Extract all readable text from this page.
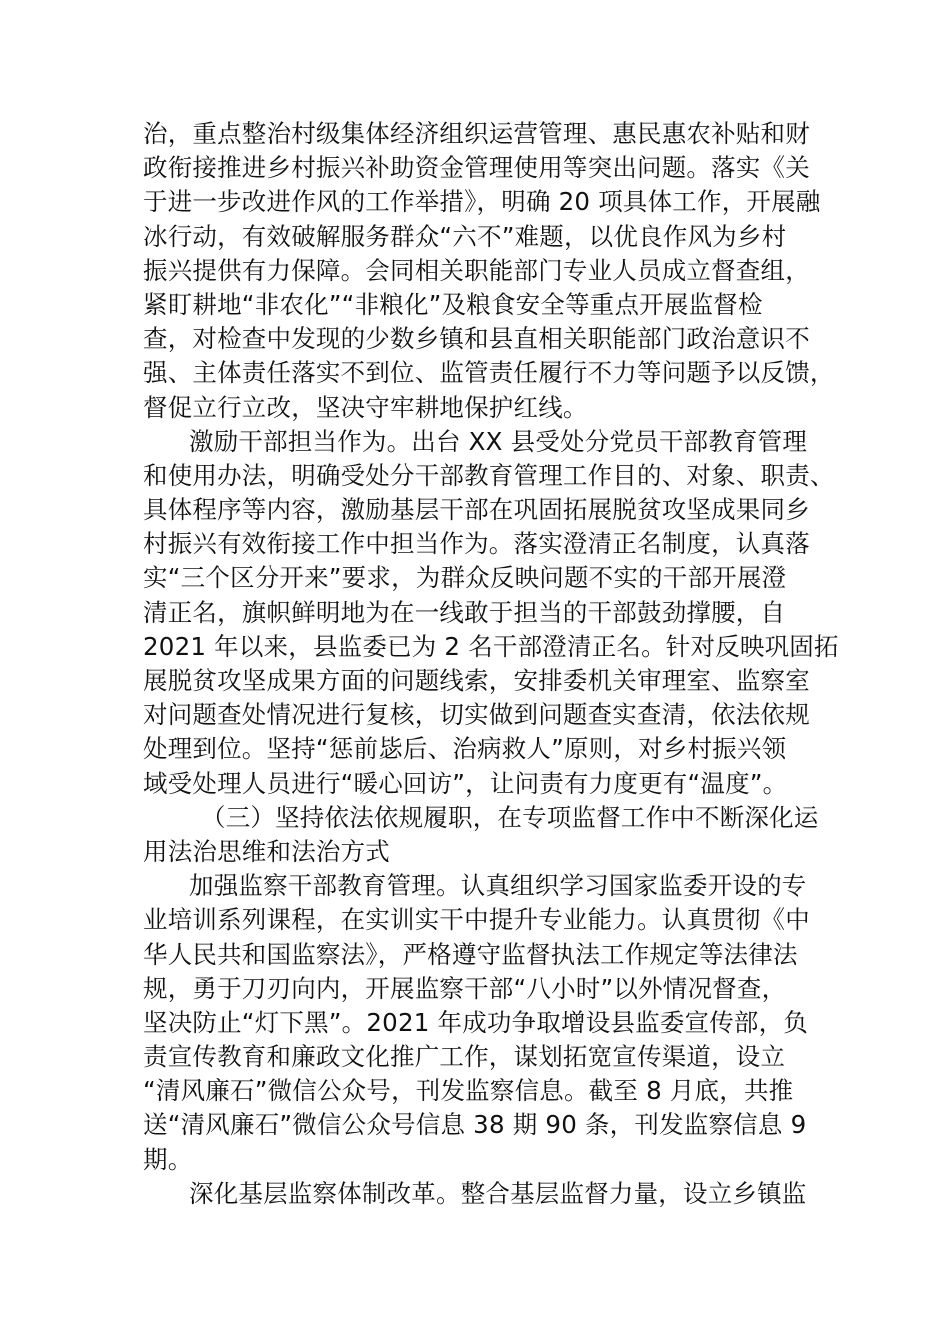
治，重点整治村级集体经济组织运营管理、惠民惠农补贴和财
政衔接推进乡村振兴补助资金管理使用等突出问题。落实《关
于进一步改进作风的工作举措》，明确 20 项具体工作，开展融
冰行动，有效破解服务群众“六不”难题，以优良作风为乡村
振兴提供有力保障。会同相关职能部门专业人员成立督查组，
紧盯耕地“非农化”“非粮化”及粮食安全等重点开展监督检
查，对检查中发现的少数乡镇和县直相关职能部门政治意识不
强、主体责任落实不到位、监管责任履行不力等问题予以反馈，
督促立行立改，坚决守牢耕地保护红线。
激励干部担当作为。出台 XX 县受处分党员干部教育管理
和使用办法，明确受处分干部教育管理工作目的、对象、职责、
具体程序等内容，激励基层干部在巩固拓展脱贫攻坚成果同乡
村振兴有效衔接工作中担当作为。落实澄清正名制度，认真落
实“三个区分开来”要求，为群众反映问题不实的干部开展澄
清正名，旗帜鲜明地为在一线敢于担当的干部鼓劲撑腰，自
2021 年以来，县监委已为 2 名干部澄清正名。针对反映巩固拓
展脱贫攻坚成果方面的问题线索，安排委机关审理室、监察室
对问题查处情况进行复核，切实做到问题查实查清，依法依规
处理到位。坚持“惩前毖后、治病救人”原则，对乡村振兴领
域受处理人员进行“暖心回访”，让问责有力度更有“温度”。
（三）坚持依法依规履职，在专项监督工作中不断深化运
用法治思维和法治方式
加强监察干部教育管理。认真组织学习国家监委开设的专
业培训系列课程，在实训实干中提升专业能力。认真贯彻《中
华人民共和国监察法》，严格遵守监督执法工作规定等法律法
规，勇于刀刃向内，开展监察干部“八小时”以外情况督查，
坚决防止“灯下黑”。2021 年成功争取增设县监委宣传部，负
责宣传教育和廉政文化推广工作，谋划拓宽宣传渠道，设立
“清风廉石”微信公众号，刊发监察信息。截至 8 月底，共推
送“清风廉石”微信公众号信息 38 期 90 条，刊发监察信息 9
期。
深化基层监察体制改革。整合基层监督力量，设立乡镇监
